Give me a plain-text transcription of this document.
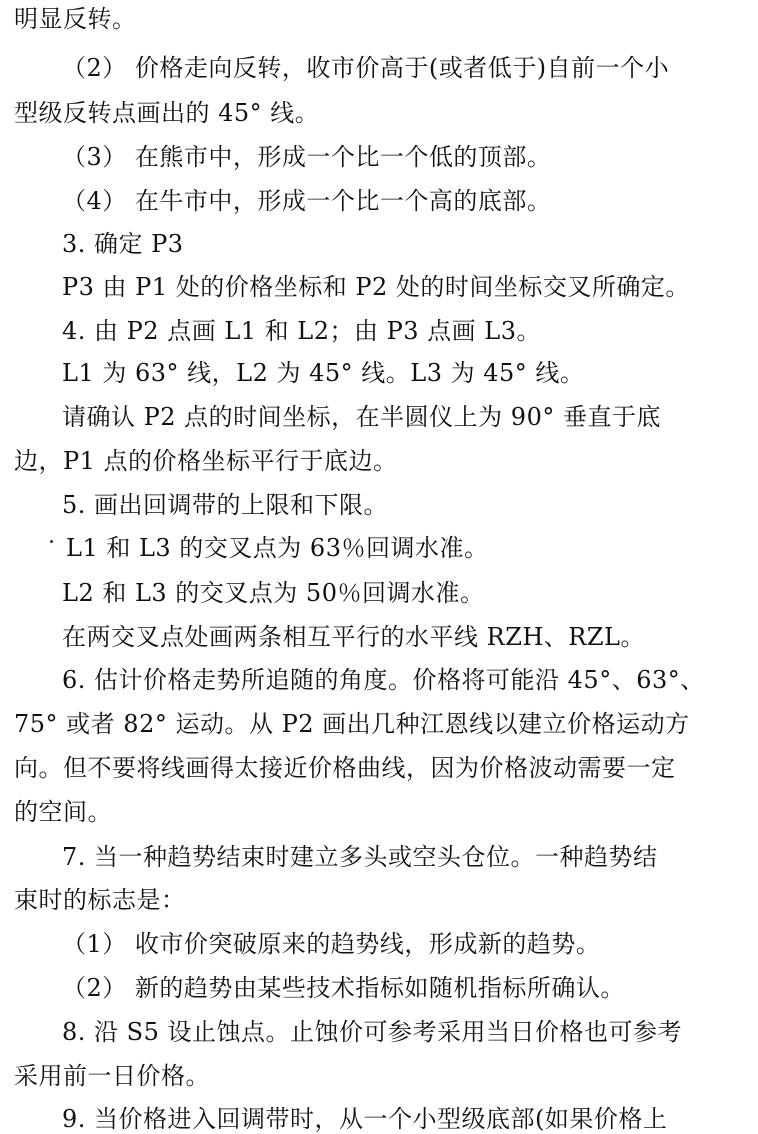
明显反转。

（2） 价格走向反转，收市价高于(或者低于)自前一个小

型级反转点画出的 45° 线。

（3） 在熊市中，形成一个比一个低的顶部。

（4） 在牛市中，形成一个比一个高的底部。

3. 确定 P3

P3 由 P1 处的价格坐标和 P2 处的时间坐标交叉所确定。

4. 由 P2 点画 L1 和 L2；由 P3 点画 L3。

L1 为 63° 线，L2 为 45° 线。L3 为 45° 线。

请确认 P2 点的时间坐标，在半圆仪上为 90° 垂直于底

边，P1 点的价格坐标平行于底边。

5. 画出回调带的上限和下限。

L1 和 L3 的交叉点为 63％回调水准。

L2 和 L3 的交叉点为 50％回调水准。

在两交叉点处画两条相互平行的水平线 RZH、RZL。

6. 估计价格走势所追随的角度。价格将可能沿 45°、63°、

75° 或者 82° 运动。从 P2 画出几种江恩线以建立价格运动方

向。但不要将线画得太接近价格曲线，因为价格波动需要一定

的空间。

7. 当一种趋势结束时建立多头或空头仓位。一种趋势结

束时的标志是：

（1） 收市价突破原来的趋势线，形成新的趋势。

（2） 新的趋势由某些技术指标如随机指标所确认。

8. 沿 S5 设止蚀点。止蚀价可参考采用当日价格也可参考

采用前一日价格。

9. 当价格进入回调带时，从一个小型级底部(如果价格上
